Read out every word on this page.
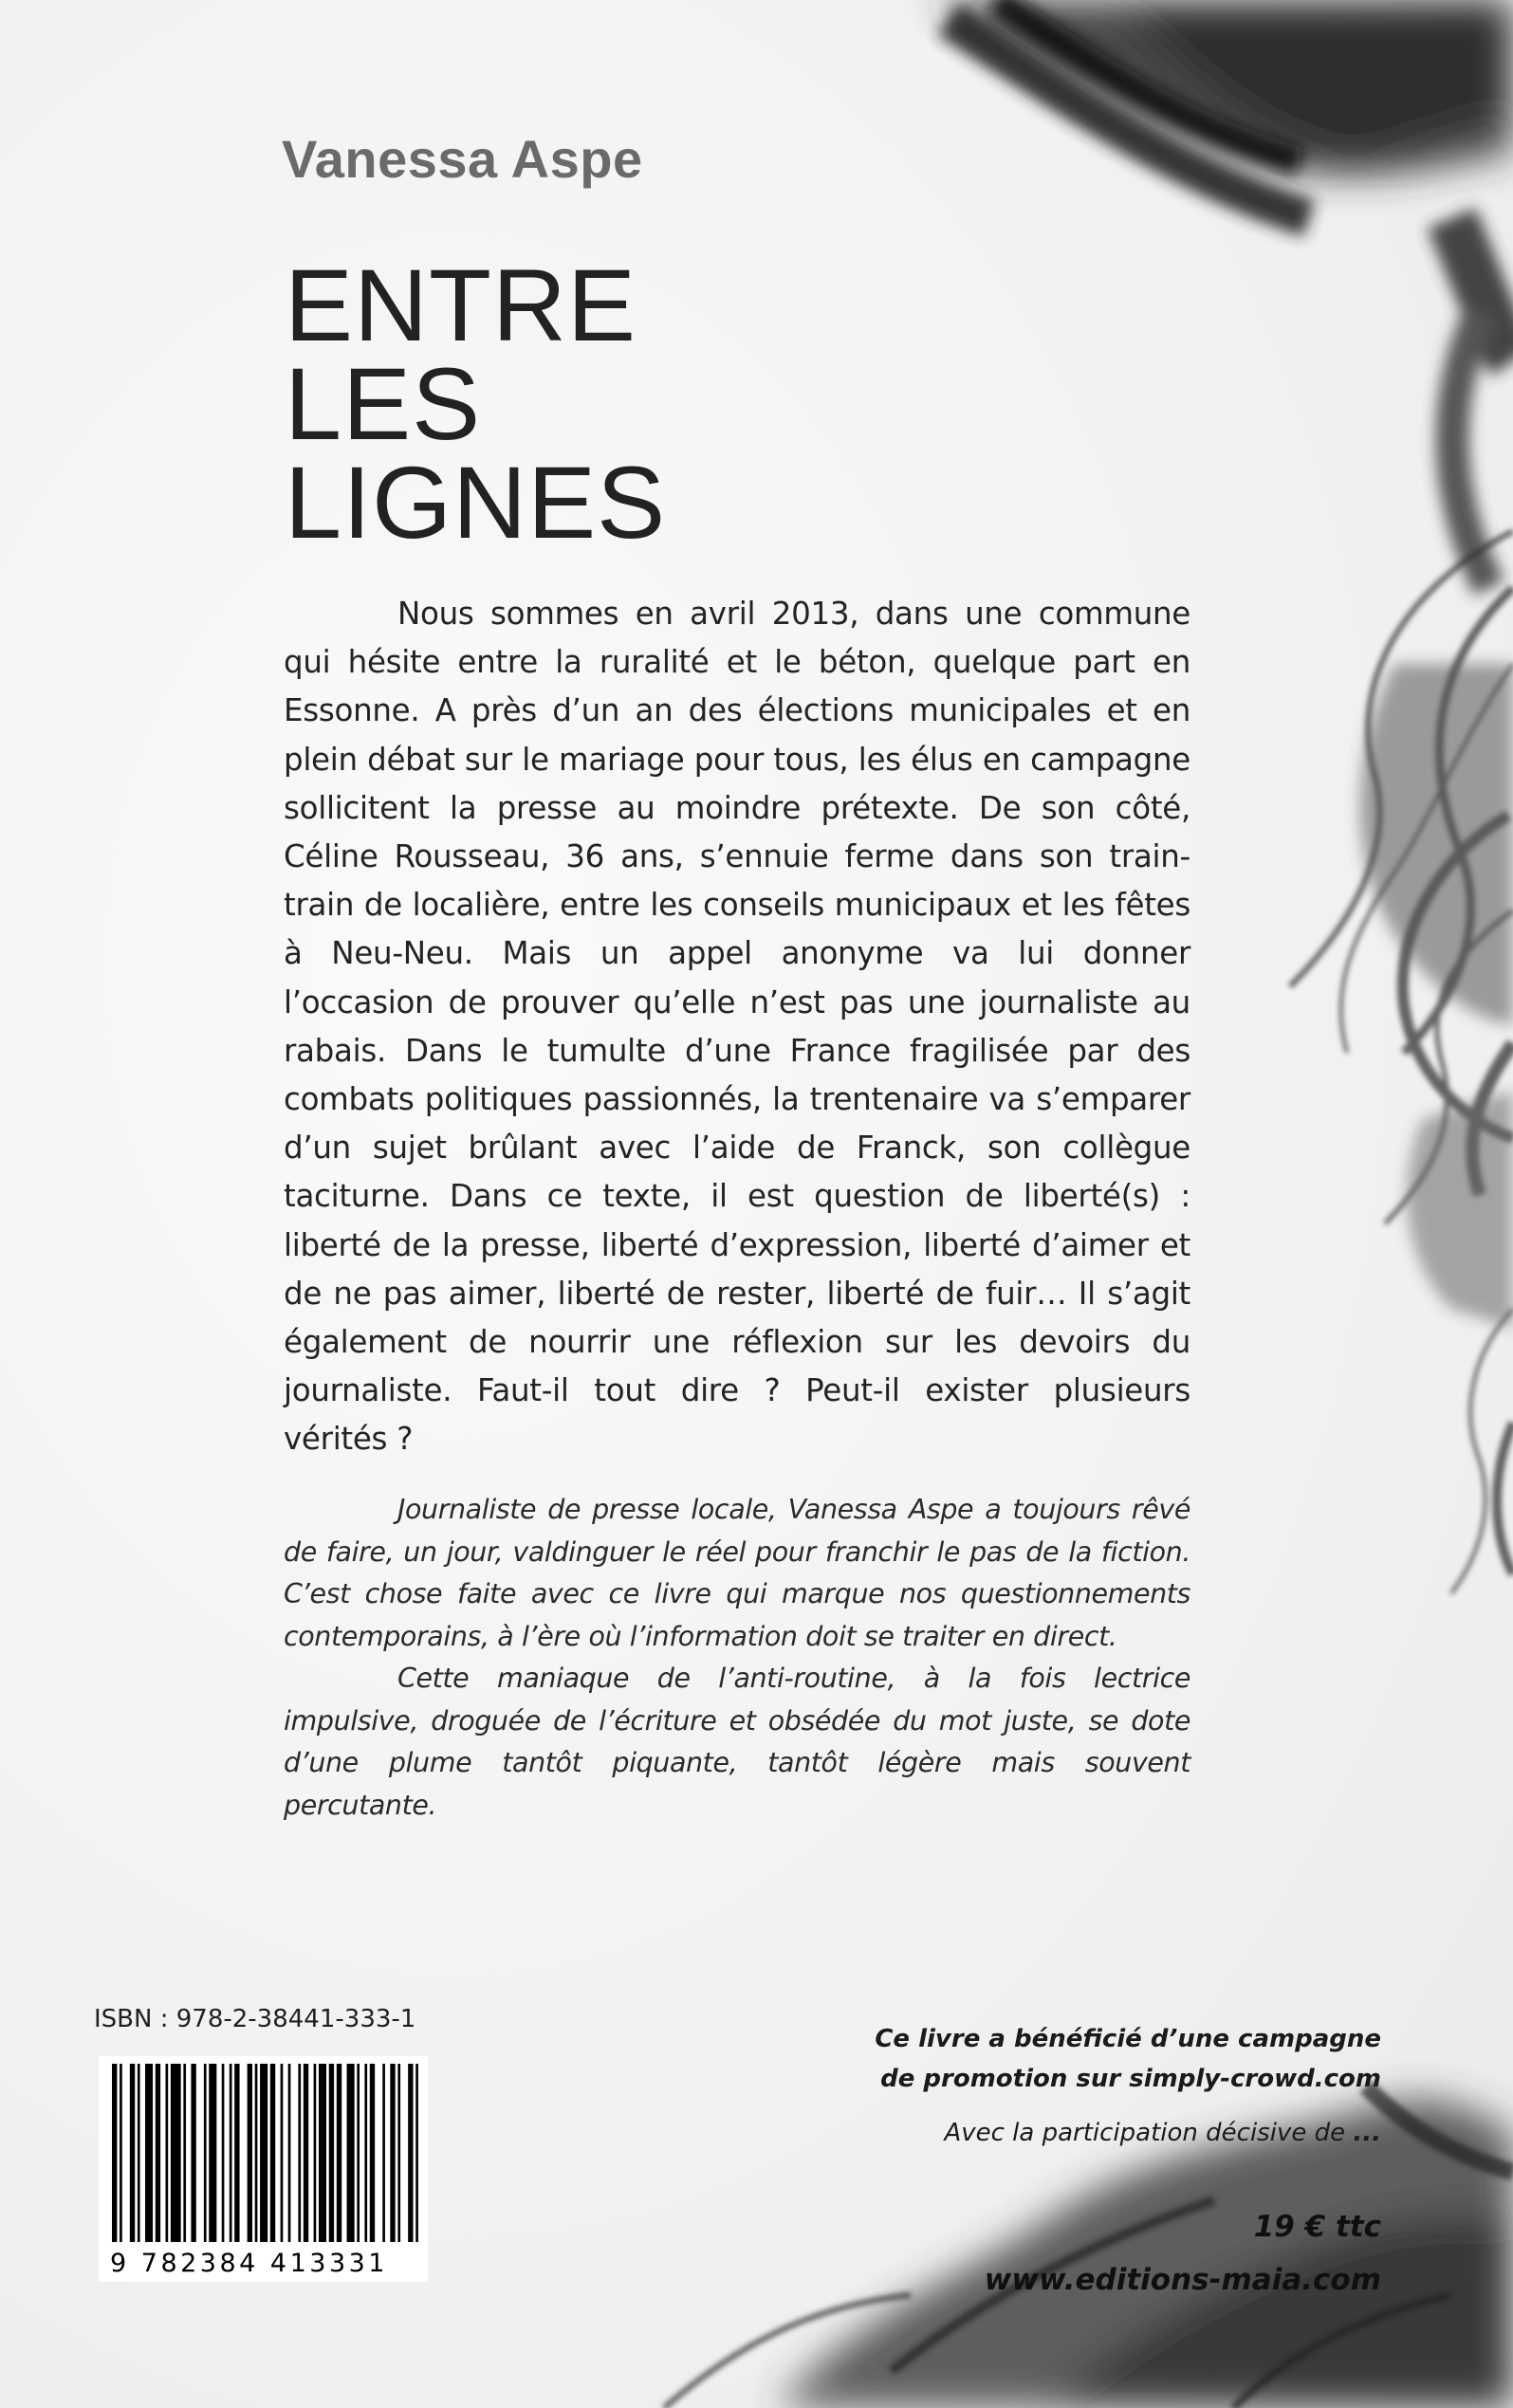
Vanessa Aspe
ENTRE
LES
LIGNES
Nous sommes en avril 2013, dans une commune qui hésite entre la ruralité et le béton, quelque part en Essonne. A près d’un an des élections municipales et en plein débat sur le mariage pour tous, les élus en campagne sollicitent la presse au moindre prétexte. De son côté, Céline Rousseau, 36 ans, s’ennuie ferme dans son train-train de localière, entre les conseils municipaux et les fêtes à Neu-Neu. Mais un appel anonyme va lui donner l’occasion de prouver qu’elle n’est pas une journaliste au rabais. Dans le tumulte d’une France fragilisée par des combats politiques passionnés, la trentenaire va s’emparer d’un sujet brûlant avec l’aide de Franck, son collègue taciturne. Dans ce texte, il est question de liberté(s) : liberté de la presse, liberté d’expression, liberté d’aimer et de ne pas aimer, liberté de rester, liberté de fuir… Il s’agit également de nourrir une réflexion sur les devoirs du journaliste. Faut-il tout dire ? Peut-il exister plusieurs vérités ?

Journaliste de presse locale, Vanessa Aspe a toujours rêvé de faire, un jour, valdinguer le réel pour franchir le pas de la fiction. C’est chose faite avec ce livre qui marque nos questionnements contemporains, à l’ère où l’information doit se traiter en direct.

Cette maniaque de l’anti-routine, à la fois lectrice impulsive, droguée de l’écriture et obsédée du mot juste, se dote d’une plume tantôt piquante, tantôt légère mais souvent percutante.

ISBN : 978-2-38441-333-1
9 782384 413331
Ce livre a bénéficié d’une campagne
de promotion sur simply-crowd.com
Avec la participation décisive de ...
19 € ttc
www.editions-maia.com
